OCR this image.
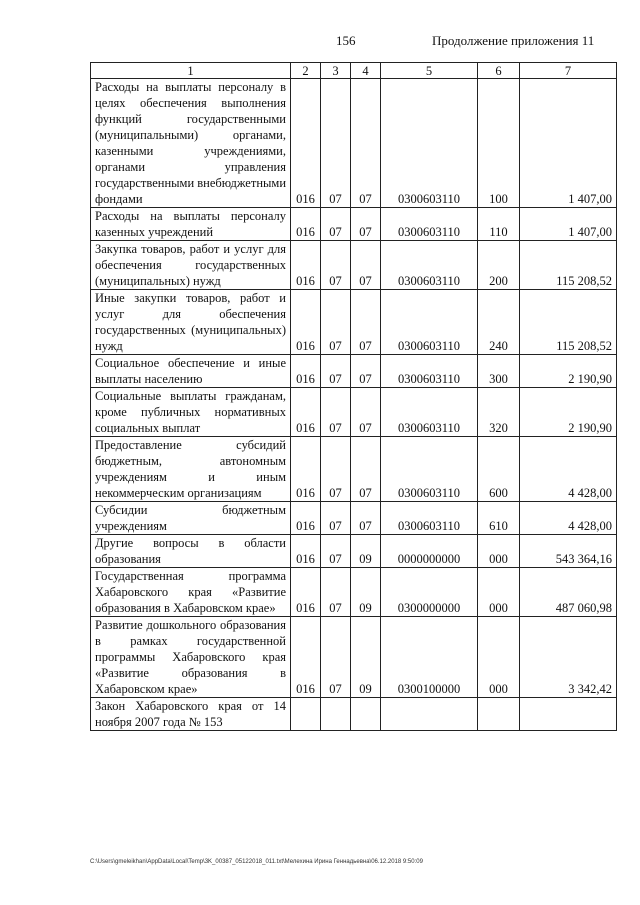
156	Продолжение приложения 11
1	2	3	4	5	6	7
Расходы на выплаты персоналу в целях обеспечения выполнения функций государственными (муниципальными) органами, казенными учреждениями, органами управления государственными внебюджетными фондами	016	07	07	0300603110	100	1 407,00
Расходы на выплаты персоналу казенных учреждений	016	07	07	0300603110	110	1 407,00
Закупка товаров, работ и услуг для обеспечения государственных (муниципальных) нужд	016	07	07	0300603110	200	115 208,52
Иные закупки товаров, работ и услуг для обеспечения государственных (муниципальных) нужд	016	07	07	0300603110	240	115 208,52
Социальное обеспечение и иные выплаты населению	016	07	07	0300603110	300	2 190,90
Социальные выплаты гражданам, кроме публичных нормативных социальных выплат	016	07	07	0300603110	320	2 190,90
Предоставление субсидий бюджетным, автономным учреждениям и иным некоммерческим организациям	016	07	07	0300603110	600	4 428,00
Субсидии бюджетным учреждениям	016	07	07	0300603110	610	4 428,00
Другие вопросы в области образования	016	07	09	0000000000	000	543 364,16
Государственная программа Хабаровского края «Развитие образования в Хабаровском крае»	016	07	09	0300000000	000	487 060,98
Развитие дошкольного образования в рамках государственной программы Хабаровского края «Развитие образования в Хабаровском крае»	016	07	09	0300100000	000	3 342,42
Закон Хабаровского края от 14 ноября 2007 года № 153						
C:\Users\gmeleikhan\AppData\Local\Temp\3K_00387_05122018_011.txt\Мелехина Ирина Геннадьевна\06.12.2018 9:50:09
